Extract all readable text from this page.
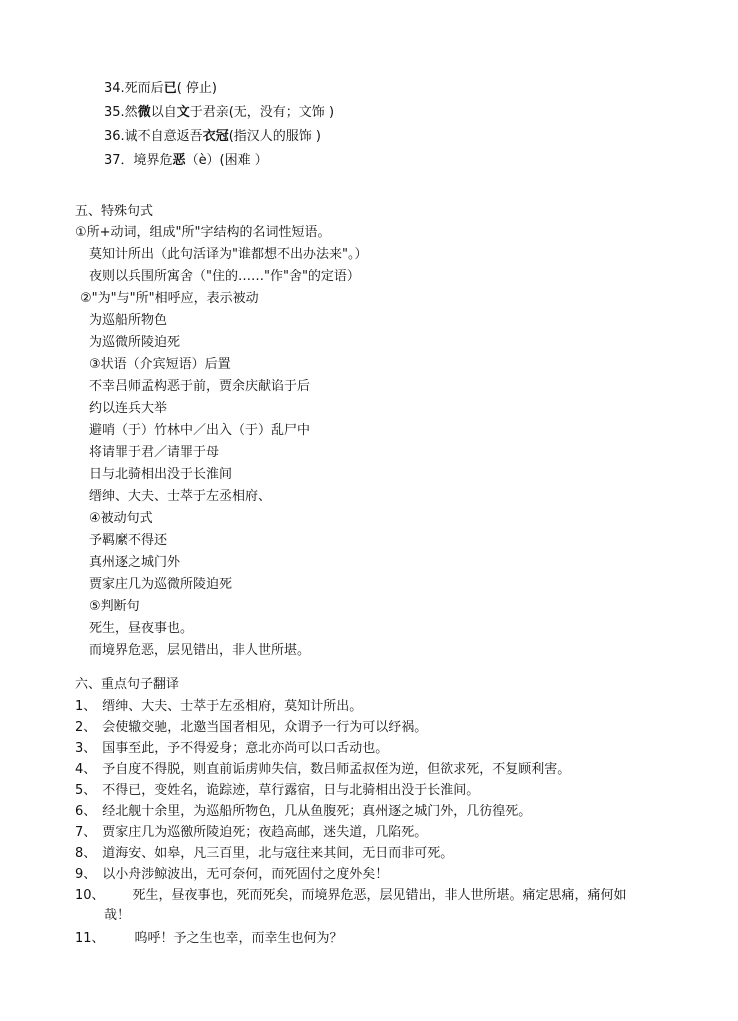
34.死而后已( 停止)
35.然微以自文于君亲(无，没有；文饰 )
36.诚不自意返吾衣冠(指汉人的服饰 )
37．境界危恶（è）(困难 ）
五、特殊句式
①所+动词，组成"所"字结构的名词性短语。
莫知计所出（此句活译为"谁都想不出办法来"。）
夜则以兵围所寓舍（"住的……"作"舍"的定语）
②"为"与"所"相呼应，表示被动
为巡船所物色
为巡微所陵迫死
③状语（介宾短语）后置
不幸吕师孟构恶于前，贾余庆献谄于后
约以连兵大举
避哨（于）竹林中／出入（于）乱尸中
将请罪于君／请罪于母
日与北骑相出没于长淮间
缙绅、大夫、士萃于左丞相府、
④被动句式
予羁縻不得还
真州逐之城门外
贾家庄几为巡微所陵迫死
⑤判断句
死生，昼夜事也。
而境界危恶，层见错出，非人世所堪。
六、重点句子翻译
1、 缙绅、大夫、士萃于左丞相府，莫知计所出。
2、 会使辙交驰，北邀当国者相见，众谓予一行为可以纾祸。
3、 国事至此，予不得爱身；意北亦尚可以口舌动也。
4、 予自度不得脱，则直前诟虏帅失信，数吕师孟叔侄为逆，但欲求死，不复顾利害。
5、 不得已，变姓名，诡踪迹，草行露宿，日与北骑相出没于长淮间。
6、 经北舰十余里，为巡船所物色，几从鱼腹死；真州逐之城门外，几彷徨死。
7、 贾家庄几为巡徼所陵迫死；夜趋高邮，迷失道，几陷死。
8、 道海安、如皋，凡三百里，北与寇往来其间，无日而非可死。
9、 以小舟涉鲸波出，无可奈何，而死固付之度外矣！
10、 死生，昼夜事也，死而死矣，而境界危恶，层见错出，非人世所堪。痛定思痛，痛何如
哉！
11、 呜呼！予之生也幸，而幸生也何为？
